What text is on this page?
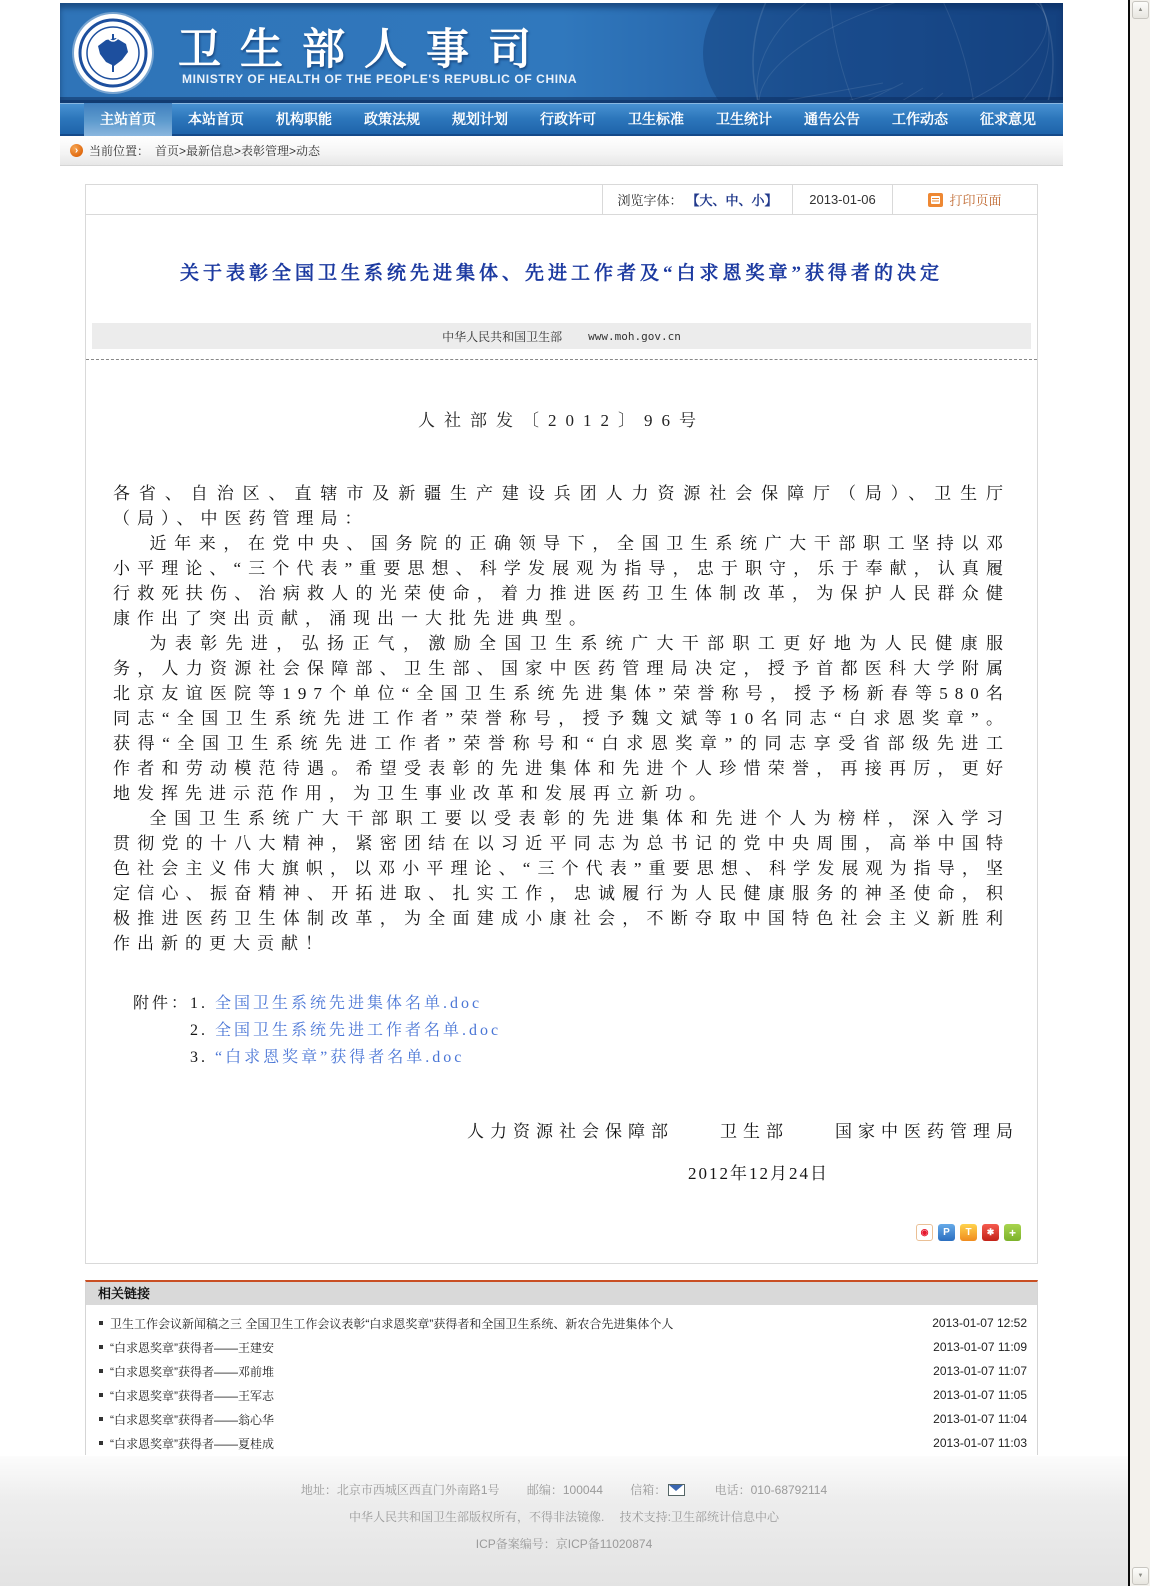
卫生部人事司
MINISTRY OF HEALTH OF THE PEOPLE'S REPUBLIC OF CHINA
主站首页	本站首页	机构职能	政策法规	规划计划	行政许可	卫生标准	卫生统计	通告公告	工作动态	征求意见
› 当前位置： 首页>最新信息>表彰管理>动态
浏览字体： 【大、中、小】	2013-01-06	打印页面
关于表彰全国卫生系统先进集体、先进工作者及“白求恩奖章”获得者的决定
中华人民共和国卫生部 www.moh.gov.cn
人社部发〔2012〕96号

各省、自治区、直辖市及新疆生产建设兵团人力资源社会保障厅（局）、卫生厅（局）、中医药管理局：

近年来，在党中央、国务院的正确领导下，全国卫生系统广大干部职工坚持以邓小平理论、“三个代表”重要思想、科学发展观为指导，忠于职守，乐于奉献，认真履行救死扶伤、治病救人的光荣使命，着力推进医药卫生体制改革，为保护人民群众健康作出了突出贡献，涌现出一大批先进典型。

为表彰先进，弘扬正气，激励全国卫生系统广大干部职工更好地为人民健康服务，人力资源社会保障部、卫生部、国家中医药管理局决定，授予首都医科大学附属北京友谊医院等197个单位“全国卫生系统先进集体”荣誉称号，授予杨新春等580名同志“全国卫生系统先进工作者”荣誉称号，授予魏文斌等10名同志“白求恩奖章”。获得“全国卫生系统先进工作者”荣誉称号和“白求恩奖章”的同志享受省部级先进工作者和劳动模范待遇。希望受表彰的先进集体和先进个人珍惜荣誉，再接再厉，更好地发挥先进示范作用，为卫生事业改革和发展再立新功。

全国卫生系统广大干部职工要以受表彰的先进集体和先进个人为榜样，深入学习贯彻党的十八大精神，紧密团结在以习近平同志为总书记的党中央周围，高举中国特色社会主义伟大旗帜，以邓小平理论、“三个代表”重要思想、科学发展观为指导，坚定信心、振奋精神、开拓进取、扎实工作，忠诚履行为人民健康服务的神圣使命，积极推进医药卫生体制改革，为全面建成小康社会，不断夺取中国特色社会主义新胜利作出新的更大贡献！

附件： 1. 全国卫生系统先进集体名单.doc
2. 全国卫生系统先进工作者名单.doc
3. “白求恩奖章”获得者名单.doc
人力资源社会保障部　　卫生部　　国家中医药管理局
2012年12月24日
◉	P	T	✱	+
相关链接
卫生工作会议新闻稿之三 全国卫生工作会议表彰“白求恩奖章”获得者和全国卫生系统、新农合先进集体个人	2013-01-07 12:52
“白求恩奖章”获得者——王建安	2013-01-07 11:09
“白求恩奖章”获得者——邓前堆	2013-01-07 11:07
“白求恩奖章”获得者——王军志	2013-01-07 11:05
“白求恩奖章”获得者——翁心华	2013-01-07 11:04
“白求恩奖章”获得者——夏桂成	2013-01-07 11:03
地址：北京市西城区西直门外南路1号 邮编：100044 信箱：	电话：010-68792114
中华人民共和国卫生部版权所有，不得非法镜像.　 技术支持:卫生部统计信息中心
ICP备案编号：京ICP备11020874
▲
▼
